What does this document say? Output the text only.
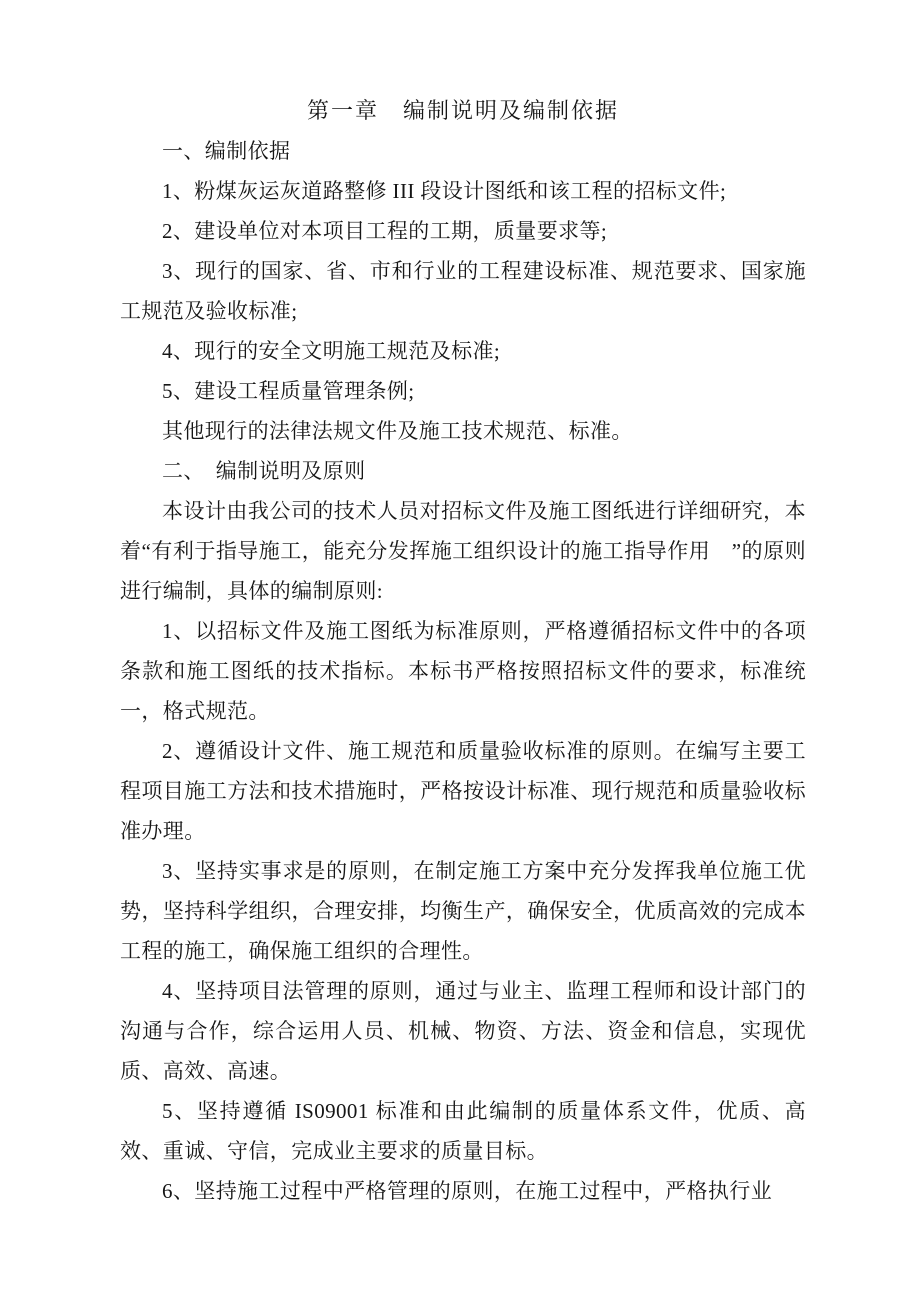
第一章　编制说明及编制依据

一、编制依据

1、粉煤灰运灰道路整修 III 段设计图纸和该工程的招标文件;

2、建设单位对本项目工程的工期，质量要求等;

3、现行的国家、省、市和行业的工程建设标准、规范要求、国家施工规范及验收标准;

4、现行的安全文明施工规范及标准;

5、建设工程质量管理条例;

其他现行的法律法规文件及施工技术规范、标准。

二、　编制说明及原则

本设计由我公司的技术人员对招标文件及施工图纸进行详细研究，本着“有利于指导施工，能充分发挥施工组织设计的施工指导作用　”的原则进行编制，具体的编制原则:

1、以招标文件及施工图纸为标准原则，严格遵循招标文件中的各项条款和施工图纸的技术指标。本标书严格按照招标文件的要求，标准统一，格式规范。

2、遵循设计文件、施工规范和质量验收标准的原则。在编写主要工程项目施工方法和技术措施时，严格按设计标准、现行规范和质量验收标准办理。

3、坚持实事求是的原则，在制定施工方案中充分发挥我单位施工优势，坚持科学组织，合理安排，均衡生产，确保安全，优质高效的完成本工程的施工，确保施工组织的合理性。

4、坚持项目法管理的原则，通过与业主、监理工程师和设计部门的沟通与合作，综合运用人员、机械、物资、方法、资金和信息，实现优质、高效、高速。

5、坚持遵循 IS09001 标准和由此编制的质量体系文件，优质、高效、重诚、守信，完成业主要求的质量目标。

6、坚持施工过程中严格管理的原则，在施工过程中，严格执行业
